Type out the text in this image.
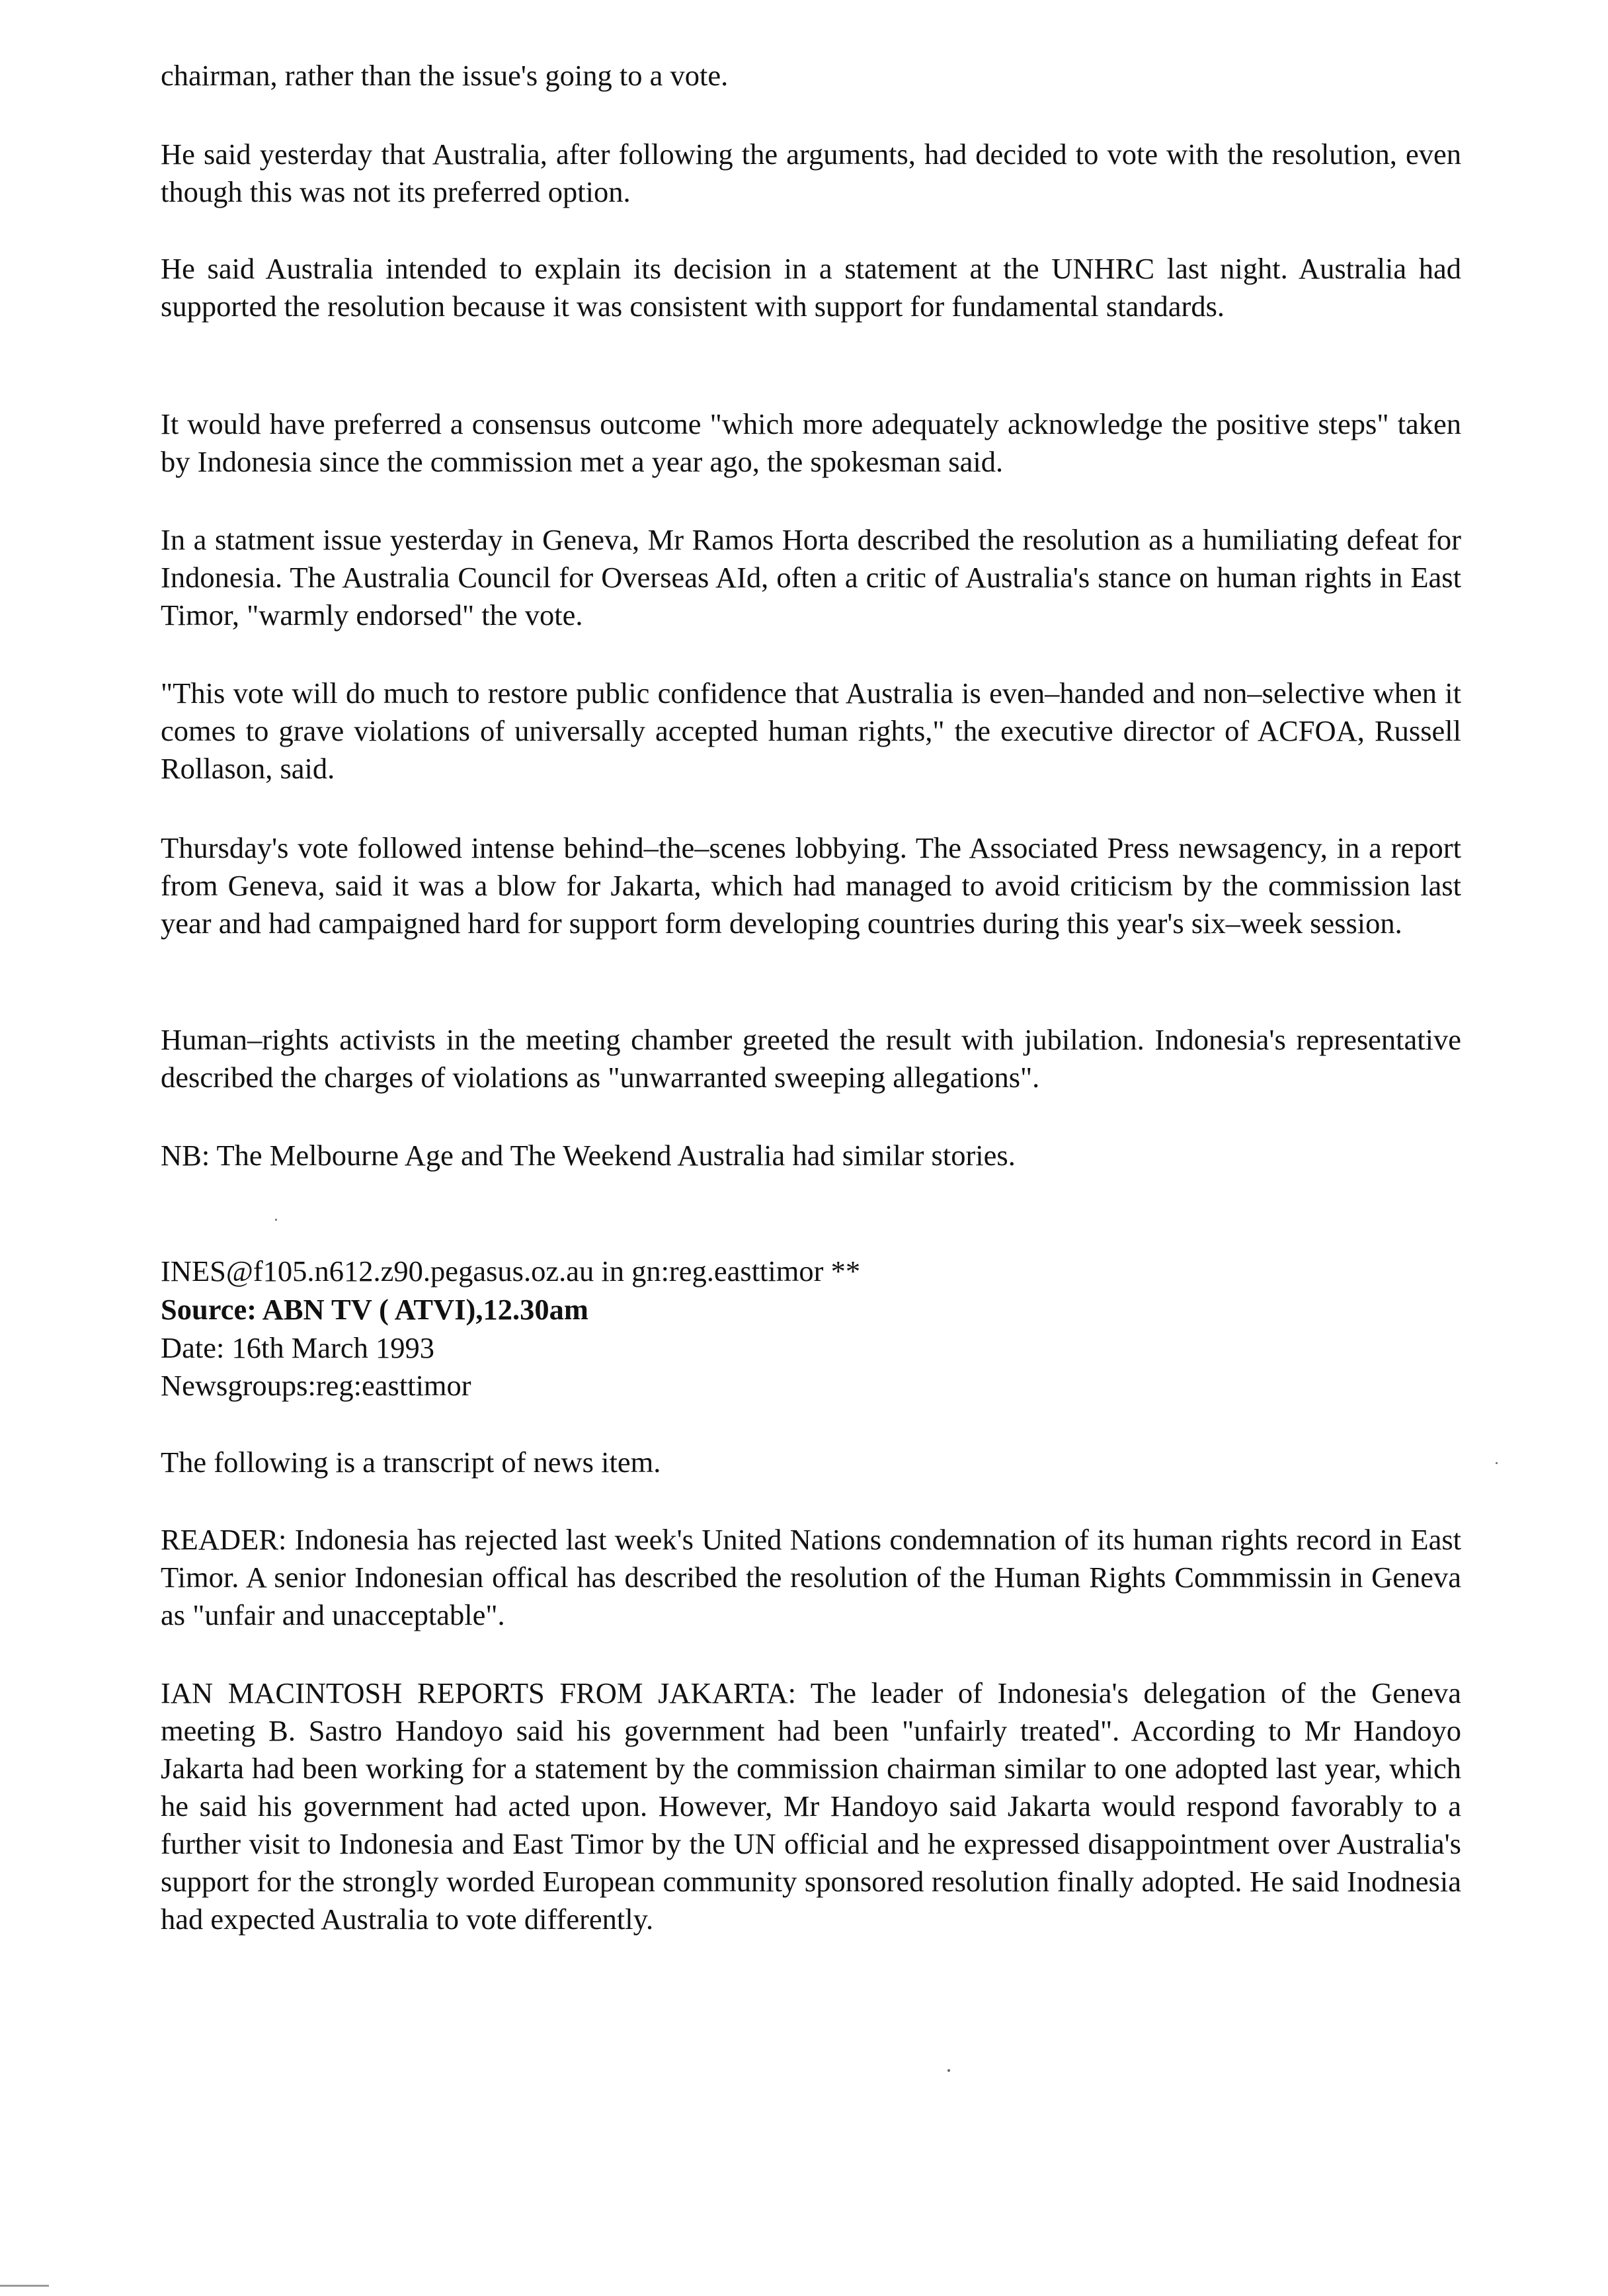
chairman, rather than the issue's going to a vote.

He said yesterday that Australia, after following the arguments, had decided to vote with the resolution, even though this was not its preferred option.

He said Australia intended to explain its decision in a statement at the UNHRC last night. Australia had supported the resolution because it was consistent with support for fundamental standards.

It would have preferred a consensus outcome "which more adequately acknowledge the positive steps" taken by Indonesia since the commission met a year ago, the spokesman said.

In a statment issue yesterday in Geneva, Mr Ramos Horta described the resolution as a humiliating defeat for Indonesia. The Australia Council for Overseas AId, often a critic of Australia's stance on human rights in East Timor, "warmly endorsed" the vote.

"This vote will do much to restore public confidence that Australia is even–handed and non–selective when it comes to grave violations of universally accepted human rights," the executive director of ACFOA, Russell Rollason, said.

Thursday's vote followed intense behind–the–scenes lobbying. The Associated Press newsagency, in a report from Geneva, said it was a blow for Jakarta, which had managed to avoid criticism by the commission last year and had campaigned hard for support form developing countries during this year's six–week session.

Human–rights activists in the meeting chamber greeted the result with jubilation. Indonesia's representative described the charges of violations as "unwarranted sweeping allegations".

NB: The Melbourne Age and The Weekend Australia had similar stories.

INES@f105.n612.z90.pegasus.oz.au in gn:reg.easttimor **

Source: ABN TV ( ATVI),12.30am

Date: 16th March 1993

Newsgroups:reg:easttimor

The following is a transcript of news item.

READER: Indonesia has rejected last week's United Nations condemnation of its human rights record in East Timor. A senior Indonesian offical has described the resolution of the Human Rights Commmissin in Geneva as "unfair and unacceptable".

IAN MACINTOSH REPORTS FROM JAKARTA: The leader of Indonesia's delegation of the Geneva meeting B. Sastro Handoyo said his government had been "unfairly treated". According to Mr Handoyo Jakarta had been working for a statement by the commission chairman similar to one adopted last year, which he said his government had acted upon. However, Mr Handoyo said Jakarta would respond favorably to a further visit to Indonesia and East Timor by the UN official and he expressed disappointment over Australia's support for the strongly worded European community sponsored resolution finally adopted. He said Inodnesia had expected Australia to vote differently.
